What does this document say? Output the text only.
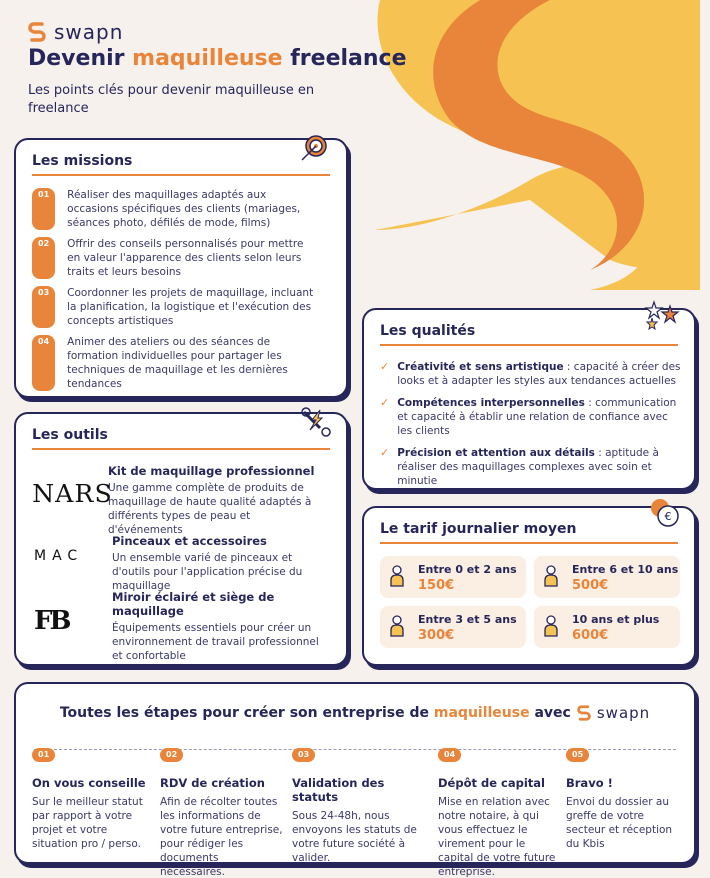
swapn
Devenir maquilleuse freelance
Les points clés pour devenir maquilleuse en freelance
Les missions
01	Réaliser des maquillages adaptés aux occasions spécifiques des clients (mariages, séances photo, défilés de mode, films)
02	Offrir des conseils personnalisés pour mettre en valeur l'apparence des clients selon leurs traits et leurs besoins
03	Coordonner les projets de maquillage, incluant la planification, la logistique et l'exécution des concepts artistiques
04	Animer des ateliers ou des séances de formation individuelles pour partager les techniques de maquillage et les dernières tendances
Les outils
NARS
Kit de maquillage professionnel
Une gamme complète de produits de maquillage de haute qualité adaptés à différents types de peau et d'événements
MAC
Pinceaux et accessoires
Un ensemble varié de pinceaux et d'outils pour l'application précise du maquillage
FB
Miroir éclairé et siège de maquillage
Équipements essentiels pour créer un environnement de travail professionnel et confortable
Les qualités
✓ Créativité et sens artistique : capacité à créer des looks et à adapter les styles aux tendances actuelles
✓ Compétences interpersonnelles : communication et capacité à établir une relation de confiance avec les clients
✓ Précision et attention aux détails : aptitude à réaliser des maquillages complexes avec soin et minutie
Le tarif journalier moyen
€
Entre 0 et 2 ans
150€
Entre 6 et 10 ans
500€
Entre 3 et 5 ans
300€
10 ans et plus
600€
Toutes les étapes pour créer son entreprise de maquilleuse avec swapn
01
On vous conseille
Sur le meilleur statut par rapport à votre projet et votre situation pro / perso.
02
RDV de création
Afin de récolter toutes les informations de votre future entreprise, pour rédiger les documents nécessaires.
03
Validation des statuts
Sous 24-48h, nous envoyons les statuts de votre future société à valider.
04
Dépôt de capital
Mise en relation avec notre notaire, à qui vous effectuez le virement pour le capital de votre future entreprise.
05
Bravo !
Envoi du dossier au greffe de votre secteur et réception du Kbis
